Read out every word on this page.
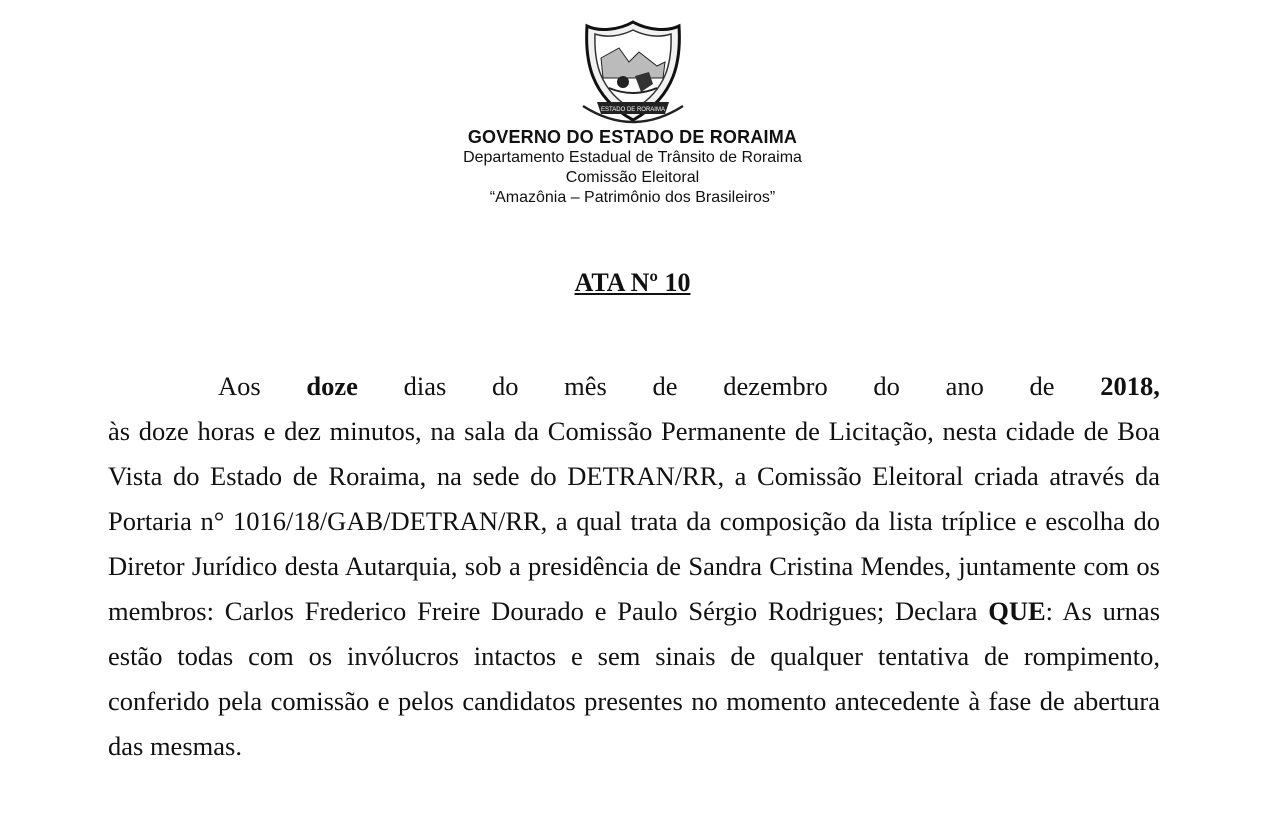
ESTADO DE RORAIMA
GOVERNO DO ESTADO DE RORAIMA
Departamento Estadual de Trânsito de Roraima
Comissão Eleitoral
“Amazônia – Patrimônio dos Brasileiros”
ATA Nº 10
Aos doze dias do mês de dezembro do ano de 2018,
às doze horas e dez minutos, na sala da Comissão Permanente de Licitação, nesta cidade de Boa Vista do Estado de Roraima, na sede do DETRAN/RR, a Comissão Eleitoral criada através da Portaria n° 1016/18/GAB/DETRAN/RR, a qual trata da composição da lista tríplice e escolha do Diretor Jurídico desta Autarquia, sob a presidência de Sandra Cristina Mendes, juntamente com os membros: Carlos Frederico Freire Dourado e Paulo Sérgio Rodrigues; Declara QUE: As urnas estão todas com os invólucros intactos e sem sinais de qualquer tentativa de rompimento, conferido pela comissão e pelos candidatos presentes no momento antecedente à fase de abertura das mesmas.
